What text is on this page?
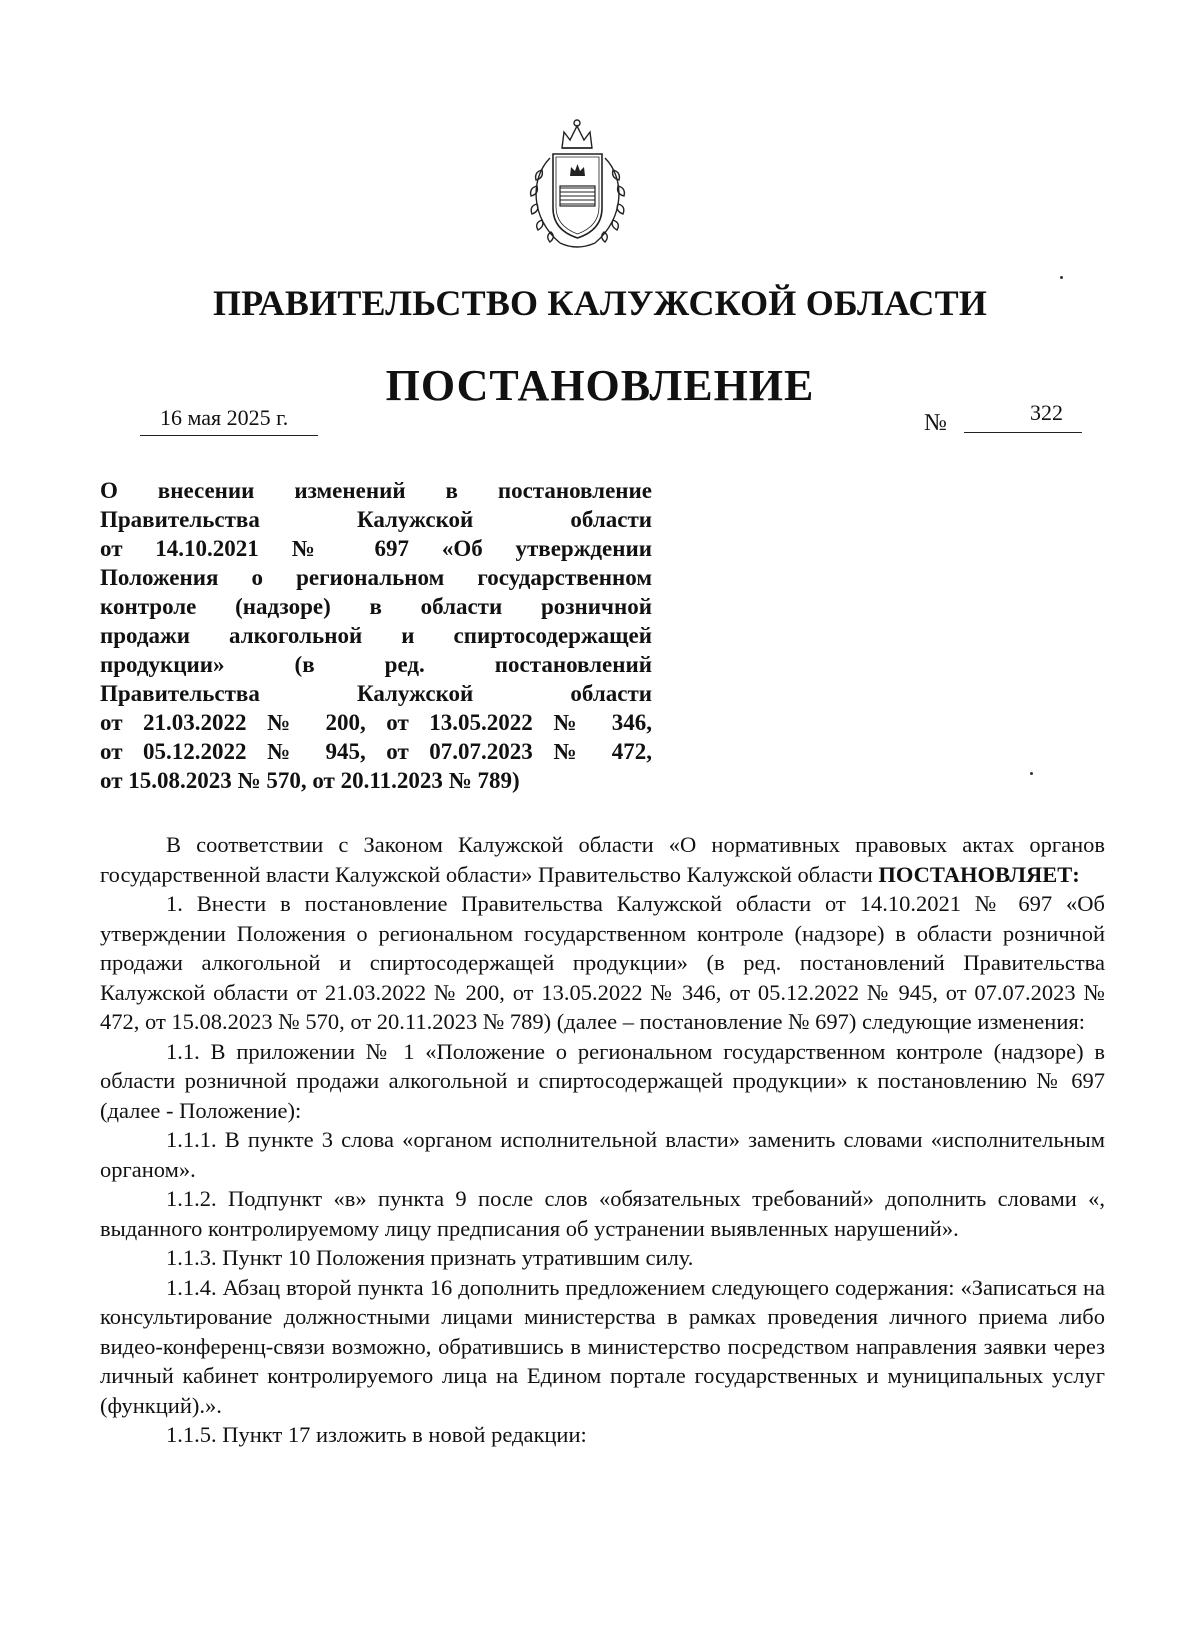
ПРАВИТЕЛЬСТВО КАЛУЖСКОЙ ОБЛАСТИ
ПОСТАНОВЛЕНИЕ
16 мая 2025 г.	№	322
О внесении изменений в постановление
Правительства Калужской области
от 14.10.2021 № 697 «Об утверждении
Положения о региональном государственном
контроле (надзоре) в области розничной
продажи алкогольной и спиртосодержащей
продукции» (в ред. постановлений
Правительства Калужской области
от 21.03.2022 № 200, от 13.05.2022 № 346,
от 05.12.2022 № 945, от 07.07.2023 № 472,
от 15.08.2023 № 570, от 20.11.2023 № 789)

В соответствии с Законом Калужской области «О нормативных правовых актах органов государственной власти Калужской области» Правительство Калужской области ПОСТАНОВЛЯЕТ:

1. Внести в постановление Правительства Калужской области от 14.10.2021 № 697 «Об утверждении Положения о региональном государственном контроле (надзоре) в области розничной продажи алкогольной и спиртосодержащей продукции» (в ред. постановлений Правительства Калужской области от 21.03.2022 № 200, от 13.05.2022 № 346, от 05.12.2022 № 945, от 07.07.2023 № 472, от 15.08.2023 № 570, от 20.11.2023 № 789) (далее – постановление № 697) следующие изменения:

1.1. В приложении № 1 «Положение о региональном государственном контроле (надзоре) в области розничной продажи алкогольной и спиртосодержащей продукции» к постановлению № 697 (далее - Положение):

1.1.1. В пункте 3 слова «органом исполнительной власти» заменить словами «исполнительным органом».

1.1.2. Подпункт «в» пункта 9 после слов «обязательных требований» дополнить словами «, выданного контролируемому лицу предписания об устранении выявленных нарушений».

1.1.3. Пункт 10 Положения признать утратившим силу.

1.1.4. Абзац второй пункта 16 дополнить предложением следующего содержания: «Записаться на консультирование должностными лицами министерства в рамках проведения личного приема либо видео-конференц-связи возможно, обратившись в министерство посредством направления заявки через личный кабинет контролируемого лица на Едином портале государственных и муниципальных услуг (функций).».

1.1.5. Пункт 17 изложить в новой редакции:
